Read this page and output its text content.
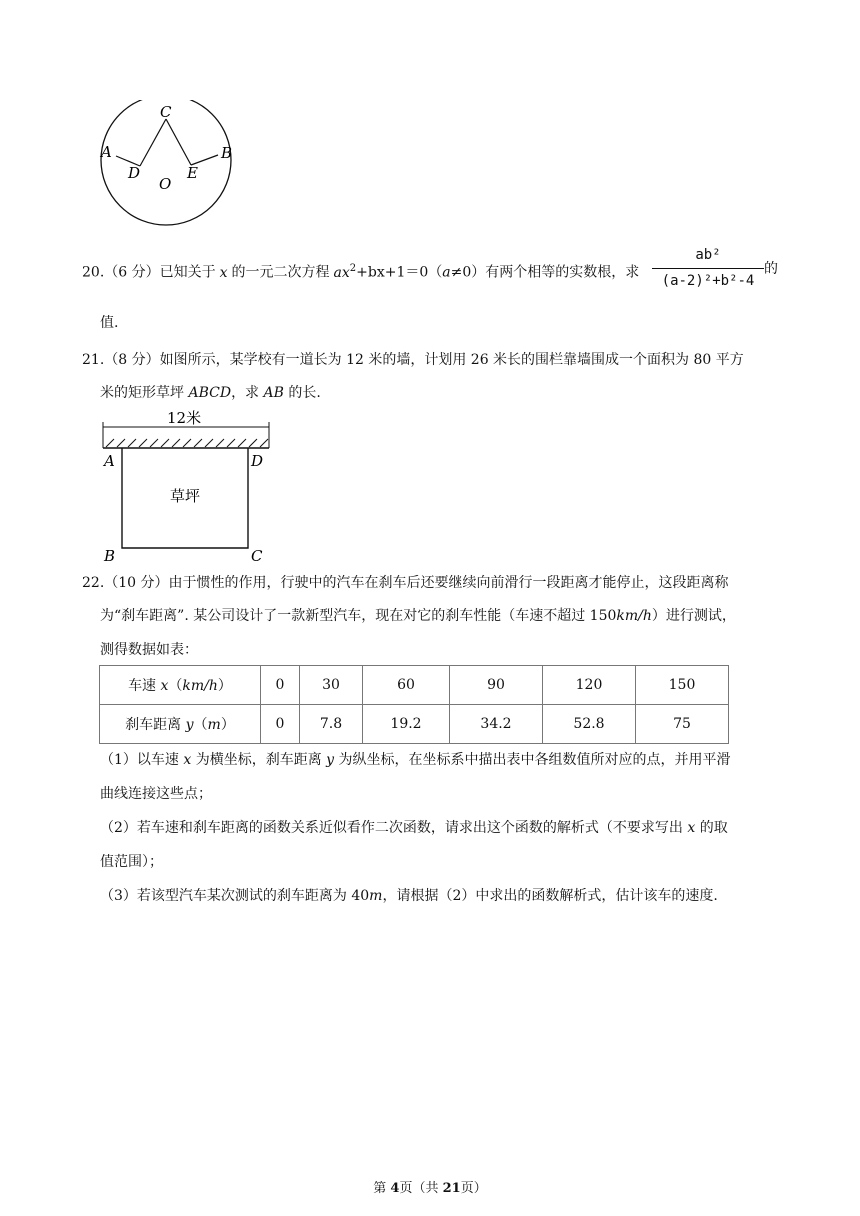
C
A	B
D
O
E
20.（6 分）已知关于 x 的一元二次方程 $ax^2+bx+1=0(a\ne 0)$有两个相等的实数根，求
ab²
(a-2)²+b²-4
的
值.
21.（8 分）如图所示，某学校有一道长为 12 米的墙，计划用 26 米长的围栏靠墙围成一个面积为 80 平方
米的矩形草坪 ABCD，求 AB 的长.
12米
草坪
A	D
B	C
22.（10 分）由于惯性的作用，行驶中的汽车在刹车后还要继续向前滑行一段距离才能停止，这段距离称
为“刹车距离”. 某公司设计了一款新型汽车，现在对它的刹车性能（车速不超过 150km/h）进行测试，
测得数据如表：
车速 x（km/h）	0	30	60	90	120	150
刹车距离 y（m）	0	7.8	19.2	34.2	52.8	75
（1）以车速 x 为横坐标，刹车距离 y 为纵坐标，在坐标系中描出表中各组数值所对应的点，并用平滑
曲线连接这些点；
（2）若车速和刹车距离的函数关系近似看作二次函数，请求出这个函数的解析式（不要求写出 x 的取
值范围）；
（3）若该型汽车某次测试的刹车距离为 40m，请根据（2）中求出的函数解析式，估计该车的速度.
第 4页（共 21页）
